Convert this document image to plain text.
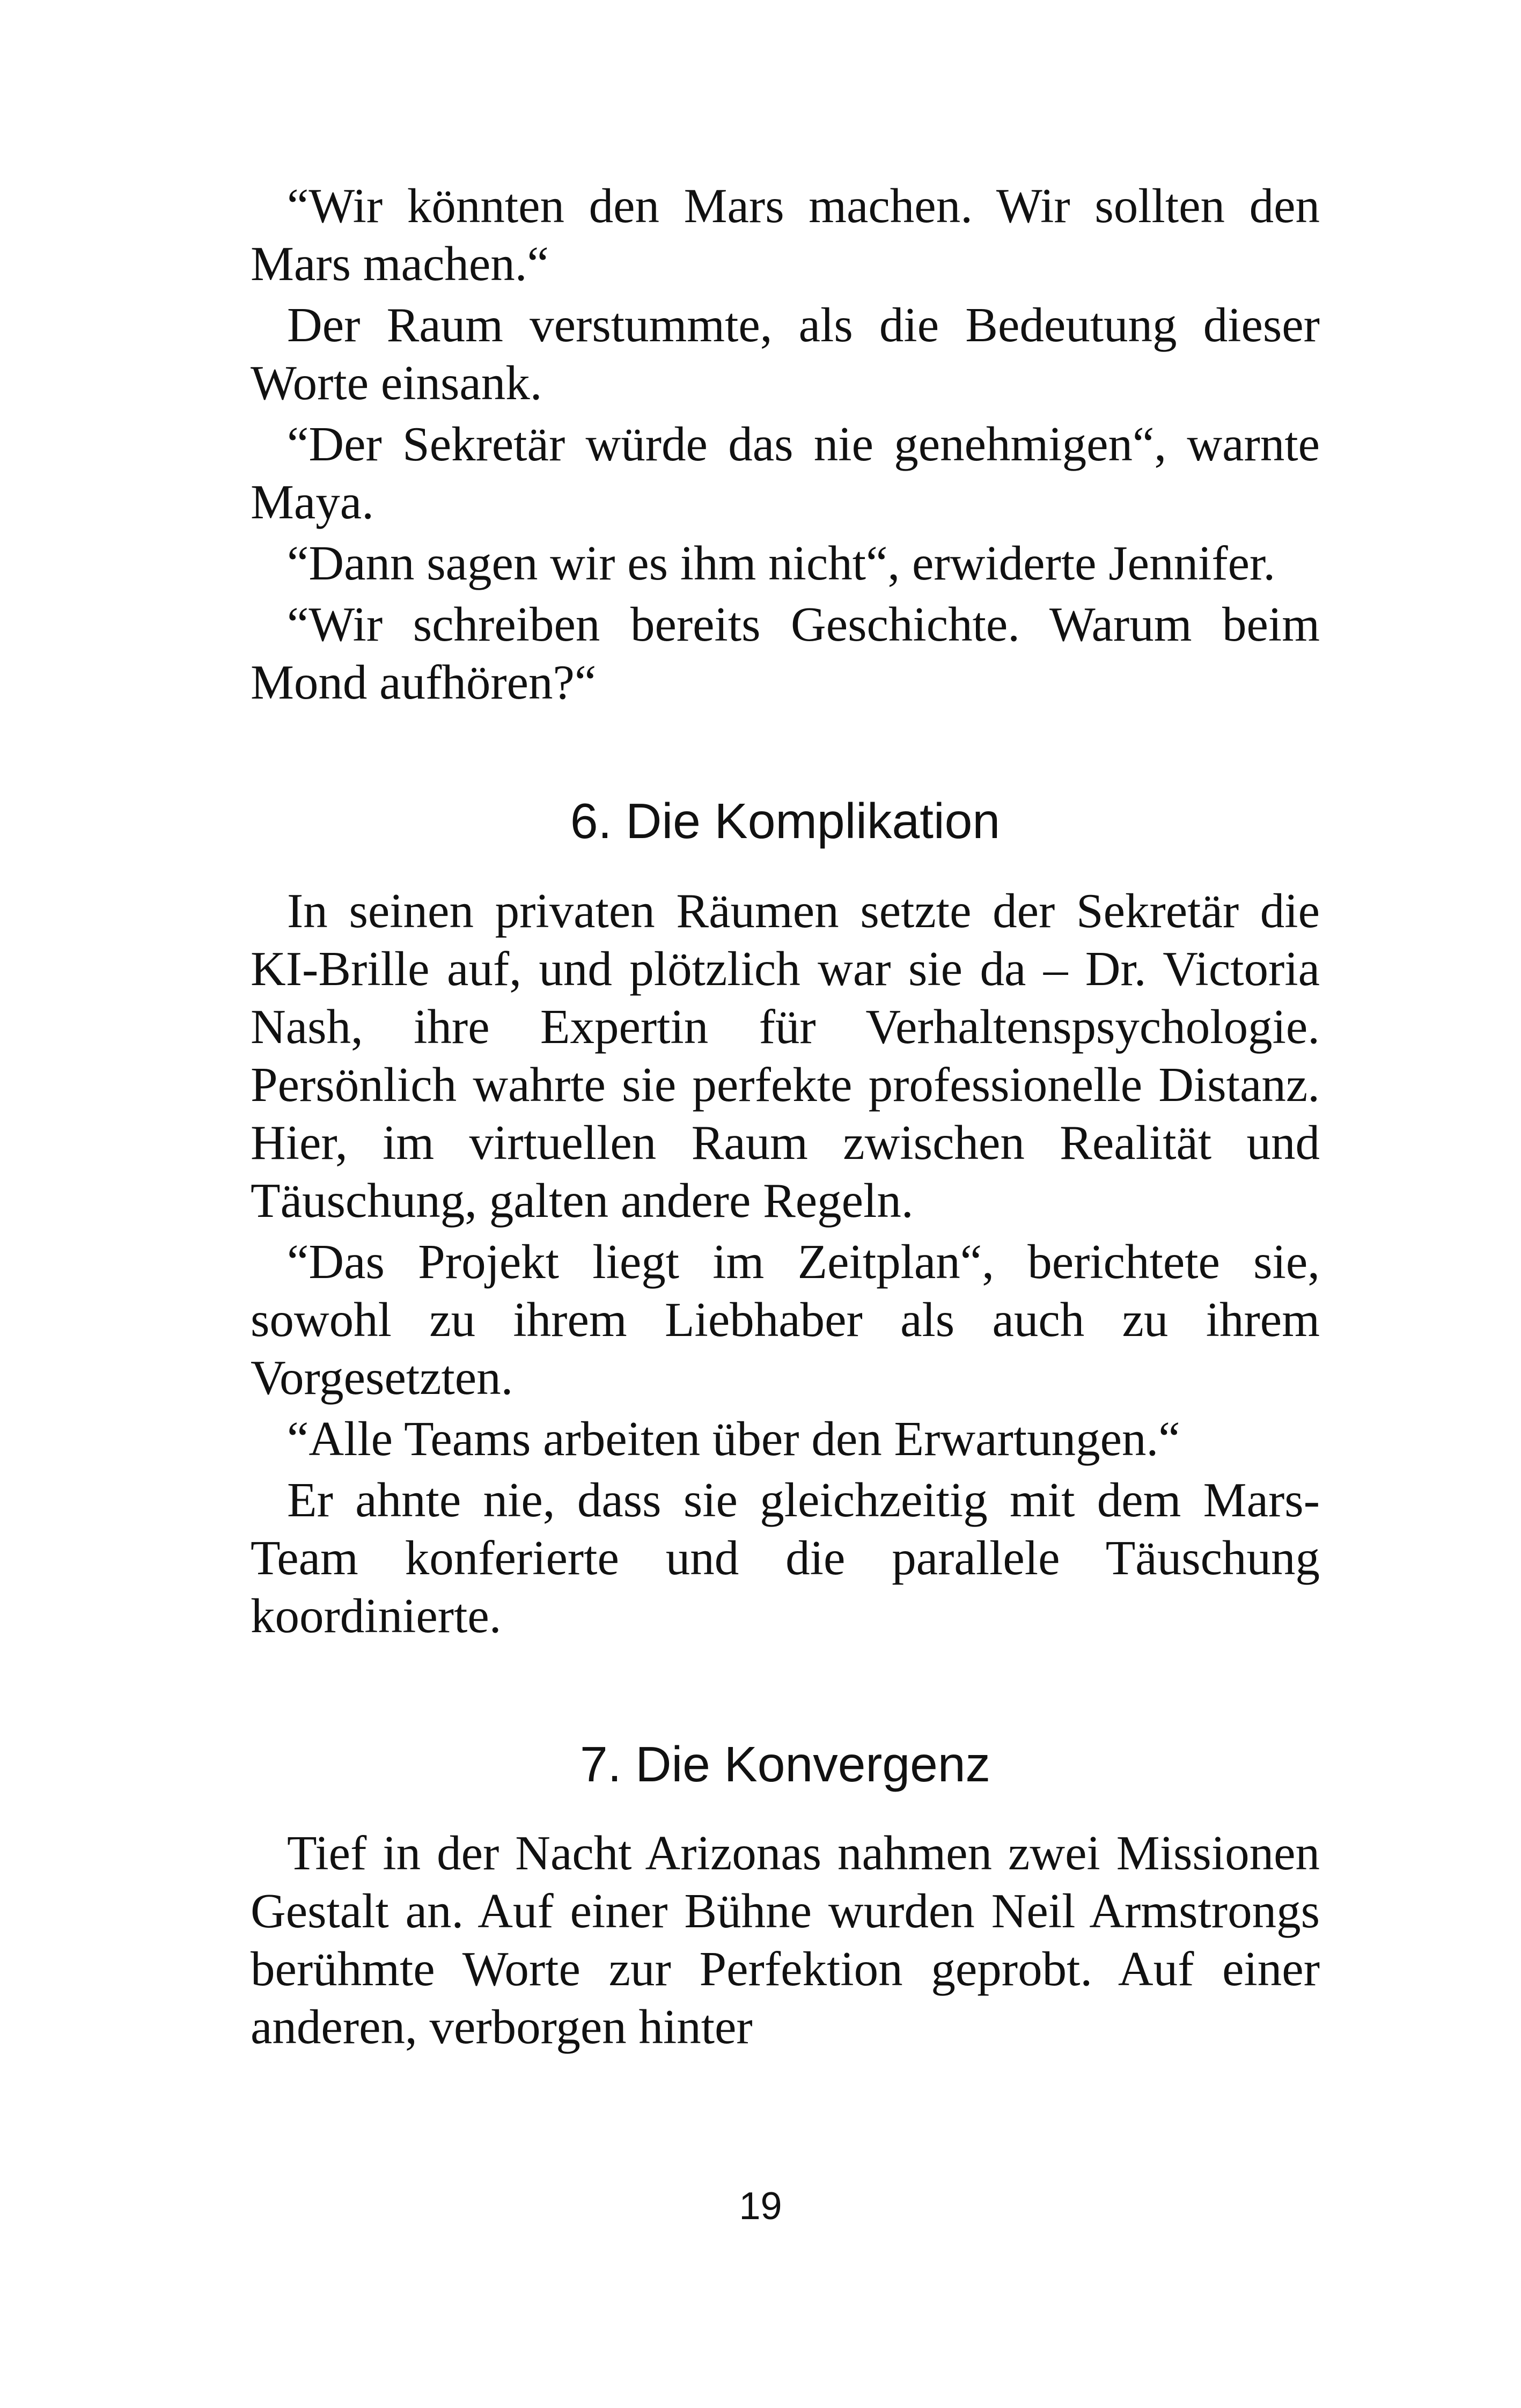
“Wir könnten den Mars machen. Wir sollten den Mars machen.“

Der Raum verstummte, als die Bedeutung dieser Worte einsank.

“Der Sekretär würde das nie genehmigen“, warnte Maya.

“Dann sagen wir es ihm nicht“, erwiderte Jennifer.

“Wir schreiben bereits Geschichte. Warum beim Mond aufhören?“

6. Die Komplikation

In seinen privaten Räumen setzte der Sekretär die KI-Brille auf, und plötzlich war sie da – Dr. Victoria Nash, ihre Expertin für Verhaltenspsychologie. Persönlich wahrte sie perfekte professionelle Distanz. Hier, im virtuellen Raum zwischen Realität und Täuschung, galten andere Regeln.

“Das Projekt liegt im Zeitplan“, berichtete sie, sowohl zu ihrem Liebhaber als auch zu ihrem Vorgesetzten.

“Alle Teams arbeiten über den Erwartungen.“

Er ahnte nie, dass sie gleichzeitig mit dem Mars-Team konferierte und die parallele Täuschung koordinierte.

7. Die Konvergenz

Tief in der Nacht Arizonas nahmen zwei Missionen Gestalt an. Auf einer Bühne wurden Neil Armstrongs berühmte Worte zur Perfektion geprobt. Auf einer anderen, verborgen hinter

19
